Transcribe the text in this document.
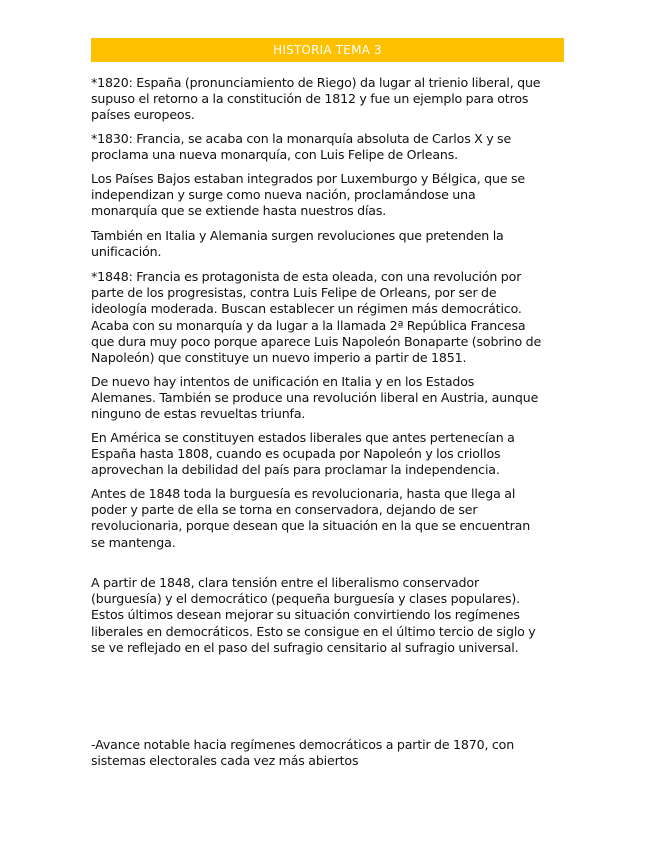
HISTORIA TEMA 3

*1820: España (pronunciamiento de Riego) da lugar al trienio liberal, que
supuso el retorno a la constitución de 1812 y fue un ejemplo para otros
países europeos.

*1830: Francia, se acaba con la monarquía absoluta de Carlos X y se
proclama una nueva monarquía, con Luis Felipe de Orleans.

Los Países Bajos estaban integrados por Luxemburgo y Bélgica, que se
independizan y surge como nueva nación, proclamándose una
monarquía que se extiende hasta nuestros días.

También en Italia y Alemania surgen revoluciones que pretenden la
unificación.

*1848: Francia es protagonista de esta oleada, con una revolución por
parte de los progresistas, contra Luis Felipe de Orleans, por ser de
ideología moderada. Buscan establecer un régimen más democrático.
Acaba con su monarquía y da lugar a la llamada 2ª República Francesa
que dura muy poco porque aparece Luis Napoleón Bonaparte (sobrino de
Napoleón) que constituye un nuevo imperio a partir de 1851.

De nuevo hay intentos de unificación en Italia y en los Estados
Alemanes. También se produce una revolución liberal en Austria, aunque
ninguno de estas revueltas triunfa.

En América se constituyen estados liberales que antes pertenecían a
España hasta 1808, cuando es ocupada por Napoleón y los criollos
aprovechan la debilidad del país para proclamar la independencia.

Antes de 1848 toda la burguesía es revolucionaria, hasta que llega al
poder y parte de ella se torna en conservadora, dejando de ser
revolucionaria, porque desean que la situación en la que se encuentran
se mantenga.

A partir de 1848, clara tensión entre el liberalismo conservador
(burguesía) y el democrático (pequeña burguesía y clases populares).
Estos últimos desean mejorar su situación convirtiendo los regímenes
liberales en democráticos. Esto se consigue en el último tercio de siglo y
se ve reflejado en el paso del sufragio censitario al sufragio universal.

-Avance notable hacia regímenes democráticos a partir de 1870, con
sistemas electorales cada vez más abiertos
